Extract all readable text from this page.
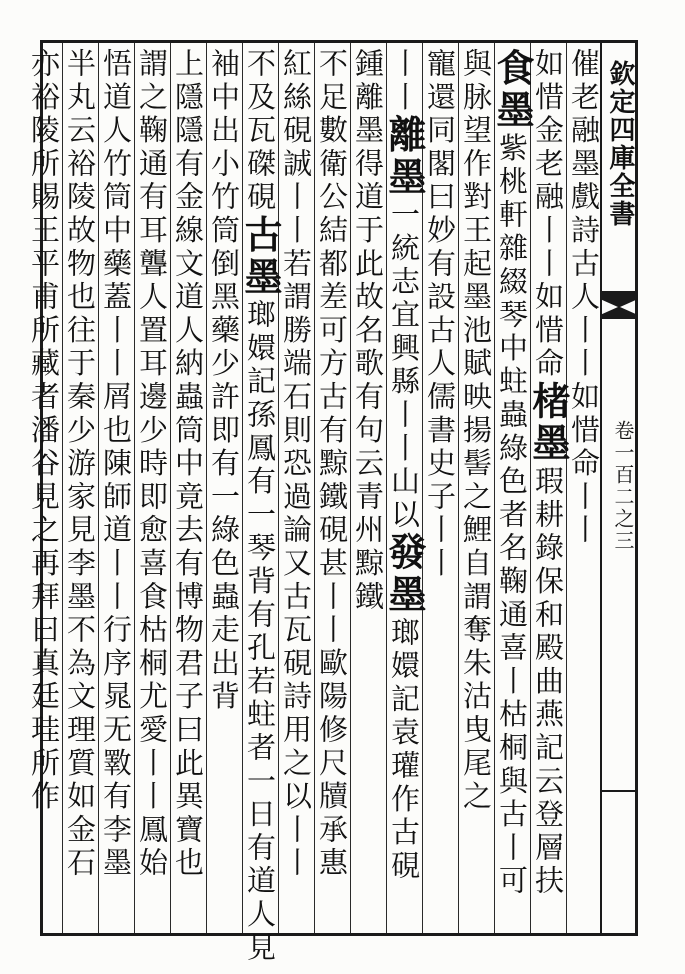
欽定四庫全書
卷一百二之三
催老融墨戲詩古人丨丨如惜命丨丨
如惜金老融丨丨如惜命楮墨瑕耕錄保和殿曲燕記云登層扶
食墨紫桃軒雜綴琴中蛀蟲綠色者名鞠通喜丨枯桐與古丨可
與脉望作對王起墨池賦映揚髻之鯉自謂奪朱沽曳尾之
寵還同閣曰妙有設古人儒書史子丨丨
丨丨離墨一統志宜興縣丨丨山以發墨瑯嬛記袁瓘作古硯
鍾離墨得道于此故名歌有句云青州黥鐵
不足數衛公結都差可方古有黥鐵硯甚丨丨歐陽修尺牘承惠
紅絲硯誠丨丨若謂勝端石則恐過論又古瓦硯詩用之以丨丨
不及瓦磔硯古墨瑯嬛記孫鳳有一琴背有孔若蛀者一日有道人見
袖中出小竹筒倒黑藥少許即有一綠色蟲走出背
上隱隱有金線文道人納蟲筒中竟去有博物君子曰此異寶也
謂之鞠通有耳聾人置耳邊少時即愈喜食枯桐尤愛丨丨鳳始
悟道人竹筒中藥蓋丨丨屑也陳師道丨丨行序晁无斁有李墨
半丸云裕陵故物也往于秦少游家見李墨不為文理質如金石
亦裕陵所賜王平甫所藏者潘谷見之再拜曰真廷珪所作
